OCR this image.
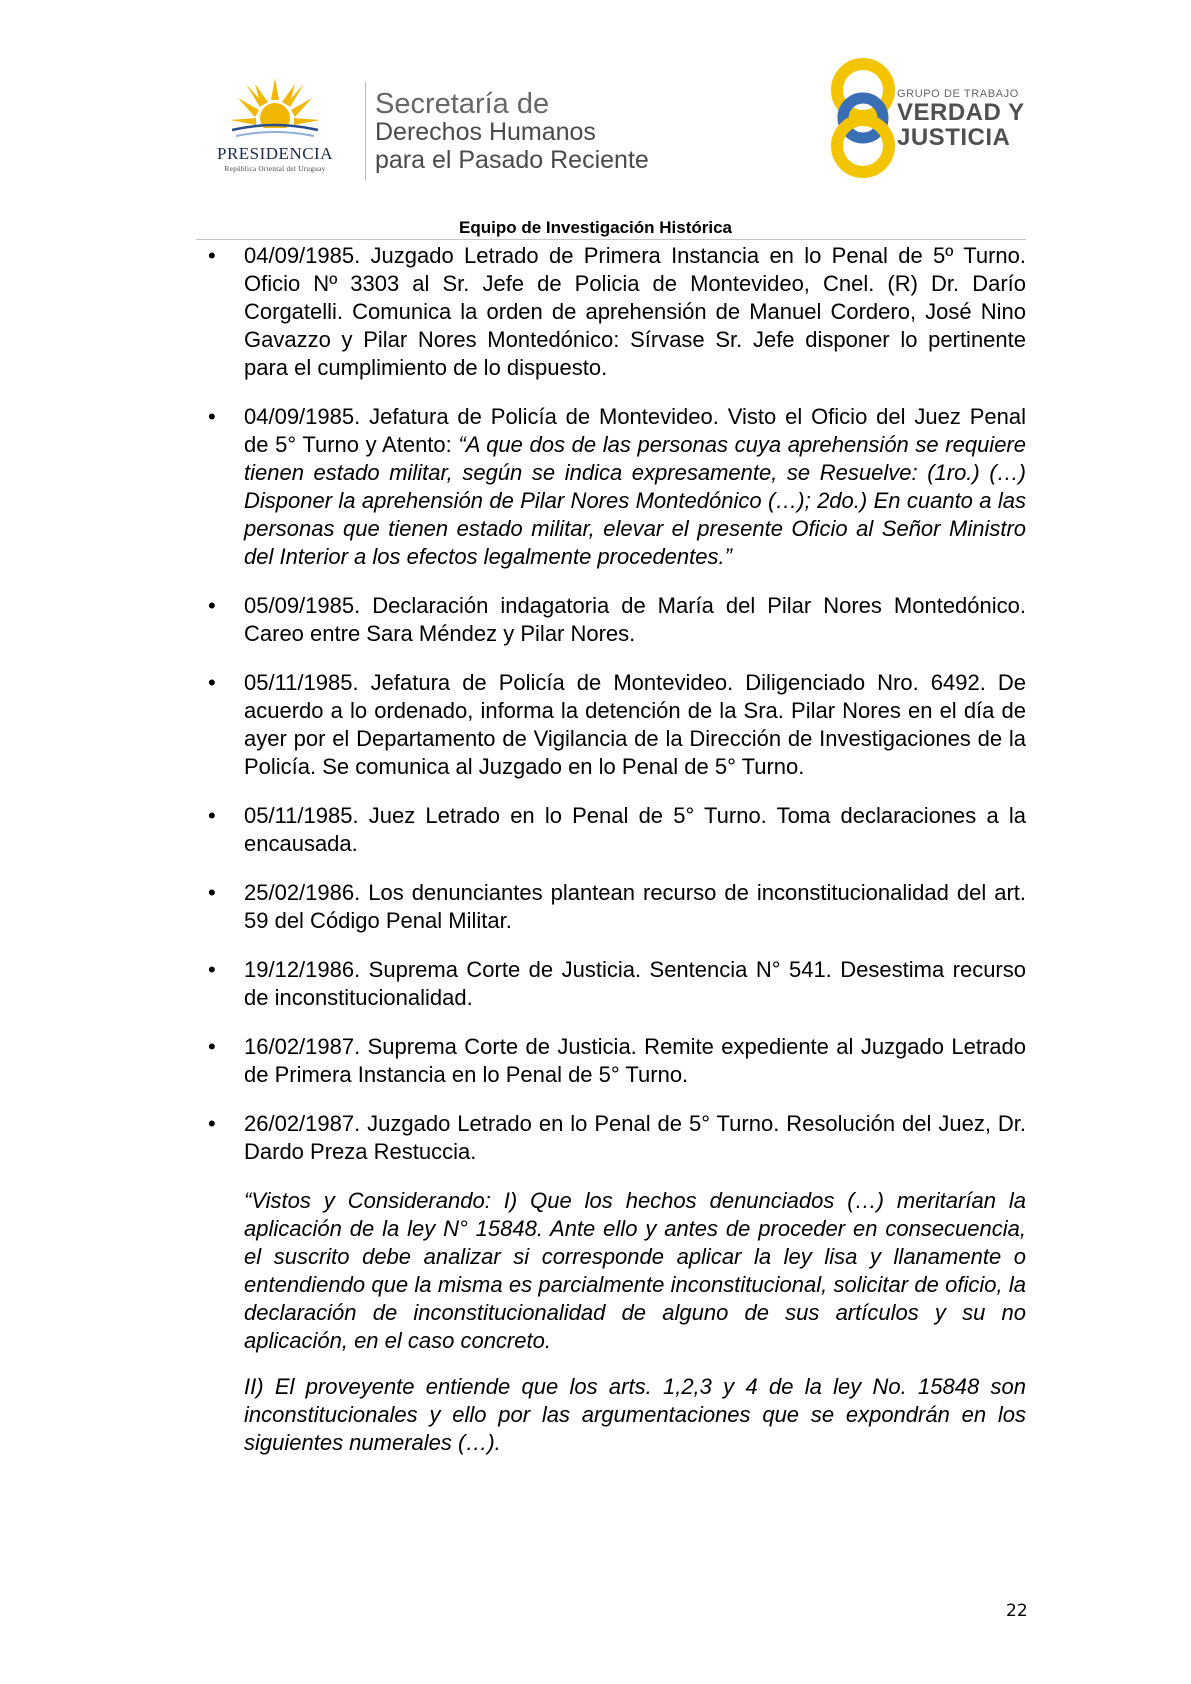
PRESIDENCIA
República Oriental del Uruguay
Secretaría de
Derechos Humanos
para el Pasado Reciente
GRUPO DE TRABAJO
VERDAD Y
JUSTICIA
Equipo de Investigación Histórica
• 04/09/1985. Juzgado Letrado de Primera Instancia en lo Penal de 5º Turno. Oficio Nº 3303 al Sr. Jefe de Policia de Montevideo, Cnel. (R) Dr. Darío Corgatelli. Comunica la orden de aprehensión de Manuel Cordero, José Nino Gavazzo y Pilar Nores Montedónico: Sírvase Sr. Jefe disponer lo pertinente para el cumplimiento de lo dispuesto.

• 04/09/1985. Jefatura de Policía de Montevideo. Visto el Oficio del Juez Penal de 5° Turno y Atento: “A que dos de las personas cuya aprehensión se requiere tienen estado militar, según se indica expresamente, se Resuelve: (1ro.) (…) Disponer la aprehensión de Pilar Nores Montedónico (…); 2do.) En cuanto a las personas que tienen estado militar, elevar el presente Oficio al Señor Ministro del Interior a los efectos legalmente procedentes.”

• 05/09/1985. Declaración indagatoria de María del Pilar Nores Montedónico. Careo entre Sara Méndez y Pilar Nores.

• 05/11/1985. Jefatura de Policía de Montevideo. Diligenciado Nro. 6492. De acuerdo a lo ordenado, informa la detención de la Sra. Pilar Nores en el día de ayer por el Departamento de Vigilancia de la Dirección de Investigaciones de la Policía. Se comunica al Juzgado en lo Penal de 5° Turno.

• 05/11/1985. Juez Letrado en lo Penal de 5° Turno. Toma declaraciones a la encausada.

• 25/02/1986. Los denunciantes plantean recurso de inconstitucionalidad del art. 59 del Código Penal Militar.

• 19/12/1986. Suprema Corte de Justicia. Sentencia N° 541. Desestima recurso de inconstitucionalidad.

• 16/02/1987. Suprema Corte de Justicia. Remite expediente al Juzgado Letrado de Primera Instancia en lo Penal de 5° Turno.

• 26/02/1987. Juzgado Letrado en lo Penal de 5° Turno. Resolución del Juez, Dr. Dardo Preza Restuccia.

“Vistos y Considerando: I) Que los hechos denunciados (…) meritarían la aplicación de la ley N° 15848. Ante ello y antes de proceder en consecuencia, el suscrito debe analizar si corresponde aplicar la ley lisa y llanamente o entendiendo que la misma es parcialmente inconstitucional, solicitar de oficio, la declaración de inconstitucionalidad de alguno de sus artículos y su no aplicación, en el caso concreto.

II) El proveyente entiende que los arts. 1,2,3 y 4 de la ley No. 15848 son inconstitucionales y ello por las argumentaciones que se expondrán en los siguientes numerales (…).

22
